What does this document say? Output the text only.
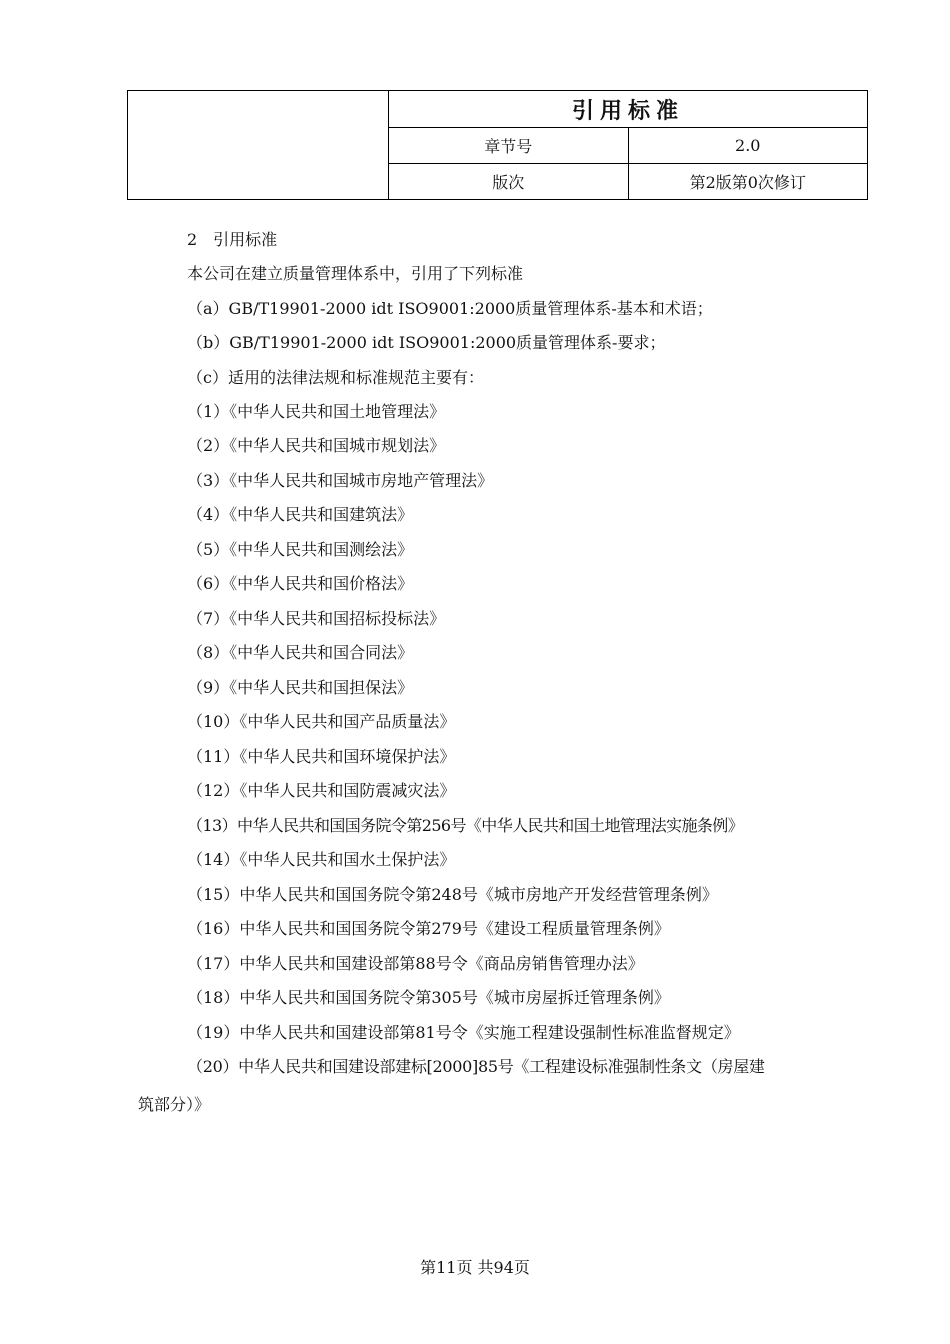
	引用标准	
	章节号	2.0
	版次	第2版第0次修订
2　引用标准
本公司在建立质量管理体系中，引用了下列标准
（a）GB/T19901-2000 idt ISO9001:2000质量管理体系-基本和术语；
（b）GB/T19901-2000 idt ISO9001:2000质量管理体系-要求；
（c）适用的法律法规和标准规范主要有：
（1）《中华人民共和国土地管理法》
（2）《中华人民共和国城市规划法》
（3）《中华人民共和国城市房地产管理法》
（4）《中华人民共和国建筑法》
（5）《中华人民共和国测绘法》
（6）《中华人民共和国价格法》
（7）《中华人民共和国招标投标法》
（8）《中华人民共和国合同法》
（9）《中华人民共和国担保法》
（10）《中华人民共和国产品质量法》
（11）《中华人民共和国环境保护法》
（12）《中华人民共和国防震减灾法》
（13）中华人民共和国国务院令第256号《中华人民共和国土地管理法实施条例》
（14）《中华人民共和国水土保护法》
（15）中华人民共和国国务院令第248号《城市房地产开发经营管理条例》
（16）中华人民共和国国务院令第279号《建设工程质量管理条例》
（17）中华人民共和国建设部第88号令《商品房销售管理办法》
（18）中华人民共和国国务院令第305号《城市房屋拆迁管理条例》
（19）中华人民共和国建设部第81号令《实施工程建设强制性标准监督规定》
（20）中华人民共和国建设部建标[2000]85号《工程建设标准强制性条文（房屋建
筑部分）》
第11页 共94页
